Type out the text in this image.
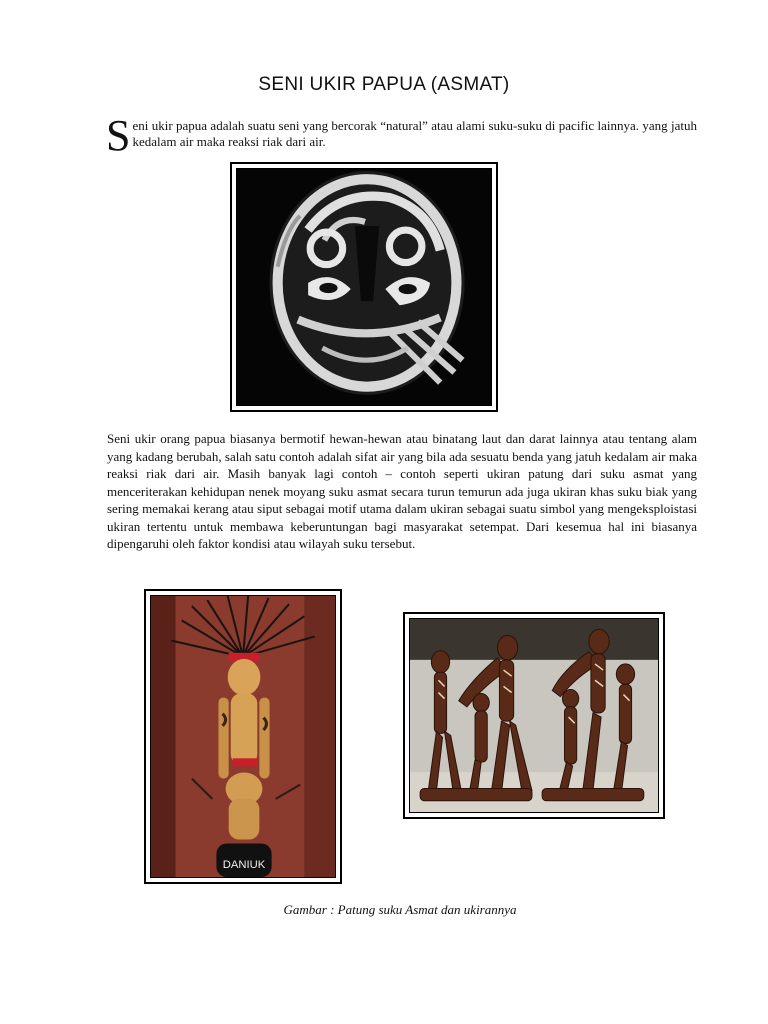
SENI UKIR PAPUA (ASMAT)
Seni ukir papua adalah suatu seni yang bercorak “natural” atau alami suku-suku di pacific lainnya. yang jatuh kedalam air maka reaksi riak dari air.
Seni ukir orang papua biasanya bermotif hewan-hewan atau binatang laut dan darat lainnya atau tentang alam yang kadang berubah, salah satu contoh adalah sifat air yang bila ada sesuatu benda yang jatuh kedalam air maka reaksi riak dari air. Masih banyak lagi contoh – contoh seperti ukiran patung dari suku asmat yang menceriterakan kehidupan nenek moyang suku asmat secara turun temurun ada juga ukiran khas suku biak yang sering memakai kerang atau siput sebagai motif utama dalam ukiran sebagai suatu simbol yang mengeksploistasi ukiran tertentu untuk membawa keberuntungan bagi masyarakat setempat. Dari kesemua hal ini biasanya dipengaruhi oleh faktor kondisi atau wilayah suku tersebut.
DANIUK
Gambar : Patung suku Asmat dan ukirannya
